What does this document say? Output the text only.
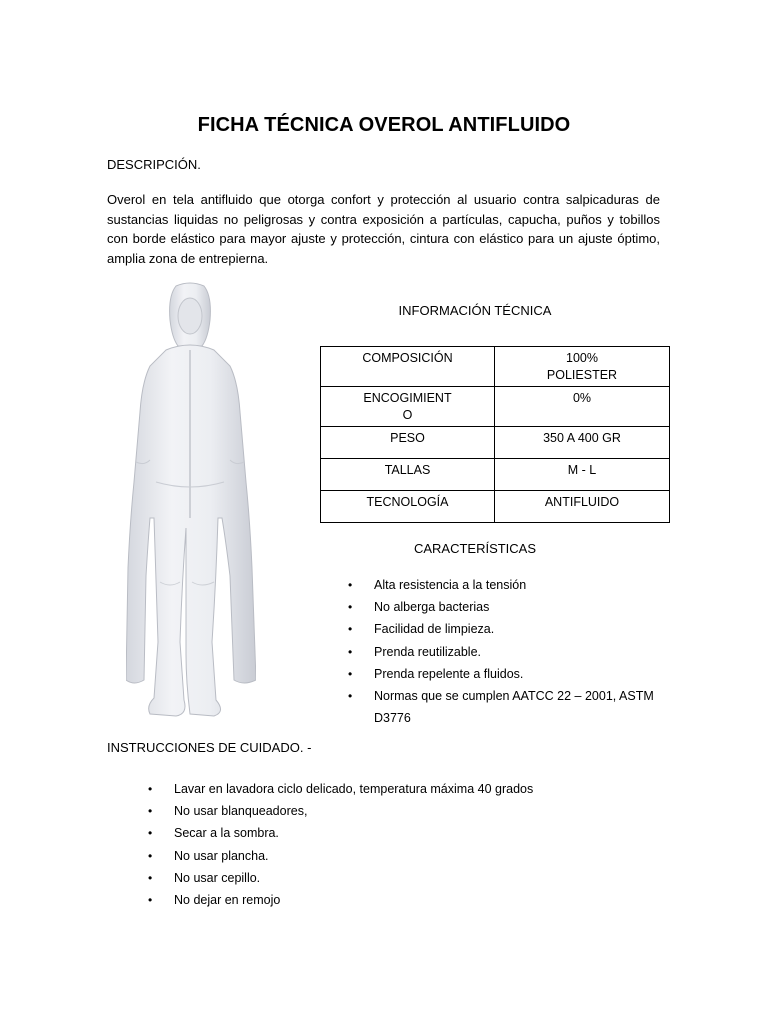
FICHA TÉCNICA OVEROL ANTIFLUIDO
DESCRIPCIÓN.
Overol en tela antifluido que otorga confort y protección al usuario contra salpicaduras de sustancias liquidas no peligrosas y contra exposición a partículas, capucha, puños y tobillos con borde elástico para mayor ajuste y protección, cintura con elástico para un ajuste óptimo, amplia zona de entrepierna.
INFORMACIÓN TÉCNICA
COMPOSICIÓN	100% POLIESTER
ENCOGIMIENTO	0%
PESO	350 A 400 GR
TALLAS	M - L
TECNOLOGÍA	ANTIFLUIDO
CARACTERÍSTICAS
• Alta resistencia a la tensión
• No alberga bacterias
• Facilidad de limpieza.
• Prenda reutilizable.
• Prenda repelente a fluidos.
• Normas que se cumplen AATCC 22 – 2001, ASTM D3776
INSTRUCCIONES DE CUIDADO. -
• Lavar en lavadora ciclo delicado, temperatura máxima 40 grados
• No usar blanqueadores,
• Secar a la sombra.
• No usar plancha.
• No usar cepillo.
• No dejar en remojo
